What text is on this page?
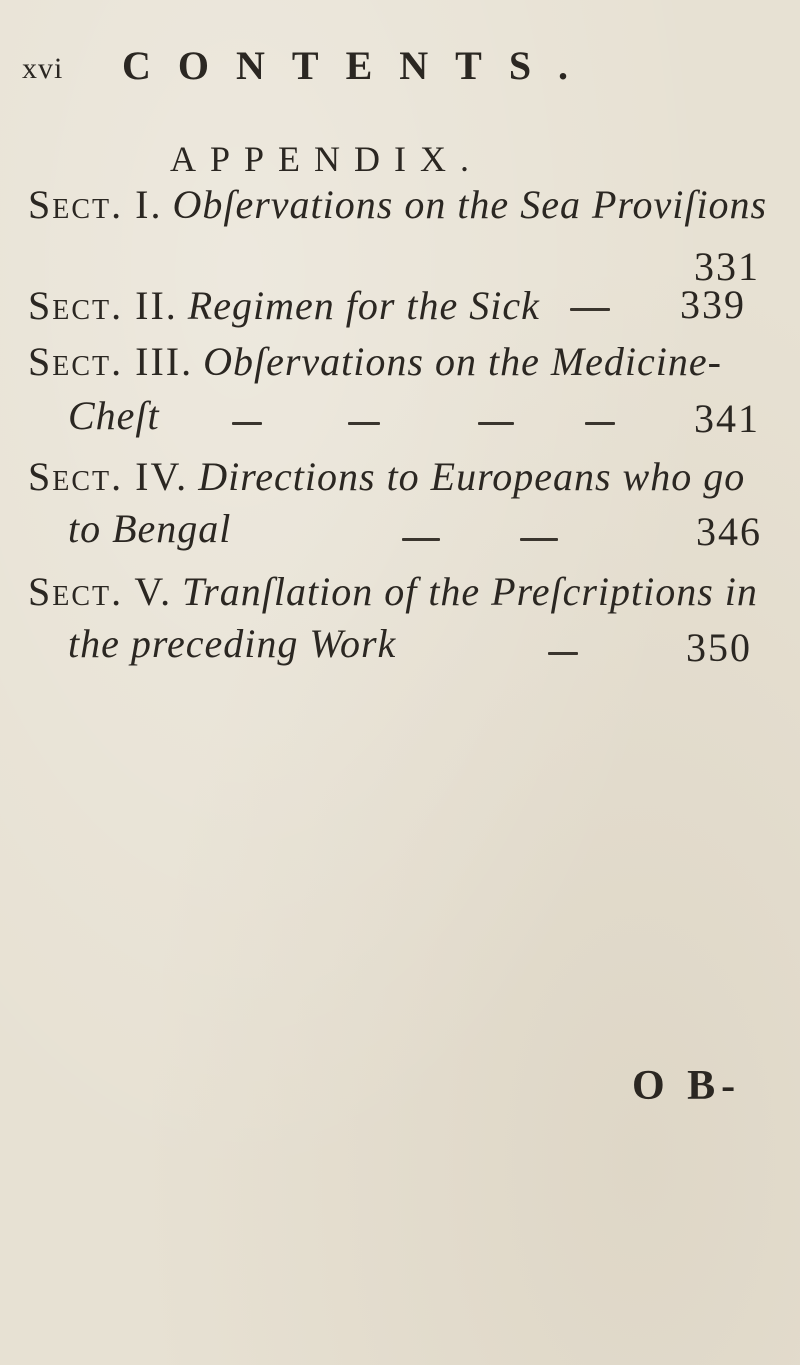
xvi CONTENTS.
APPENDIX.
Sect. I. Obſervations on the Sea Proviſions
331
Sect. II. Regimen for the Sick	339
Sect. III. Obſervations on the Medicine-
Cheſt	341
Sect. IV. Directions to Europeans who go
to Bengal	346
Sect. V. Tranſlation of the Preſcriptions in
the preceding Work	350
O B-
